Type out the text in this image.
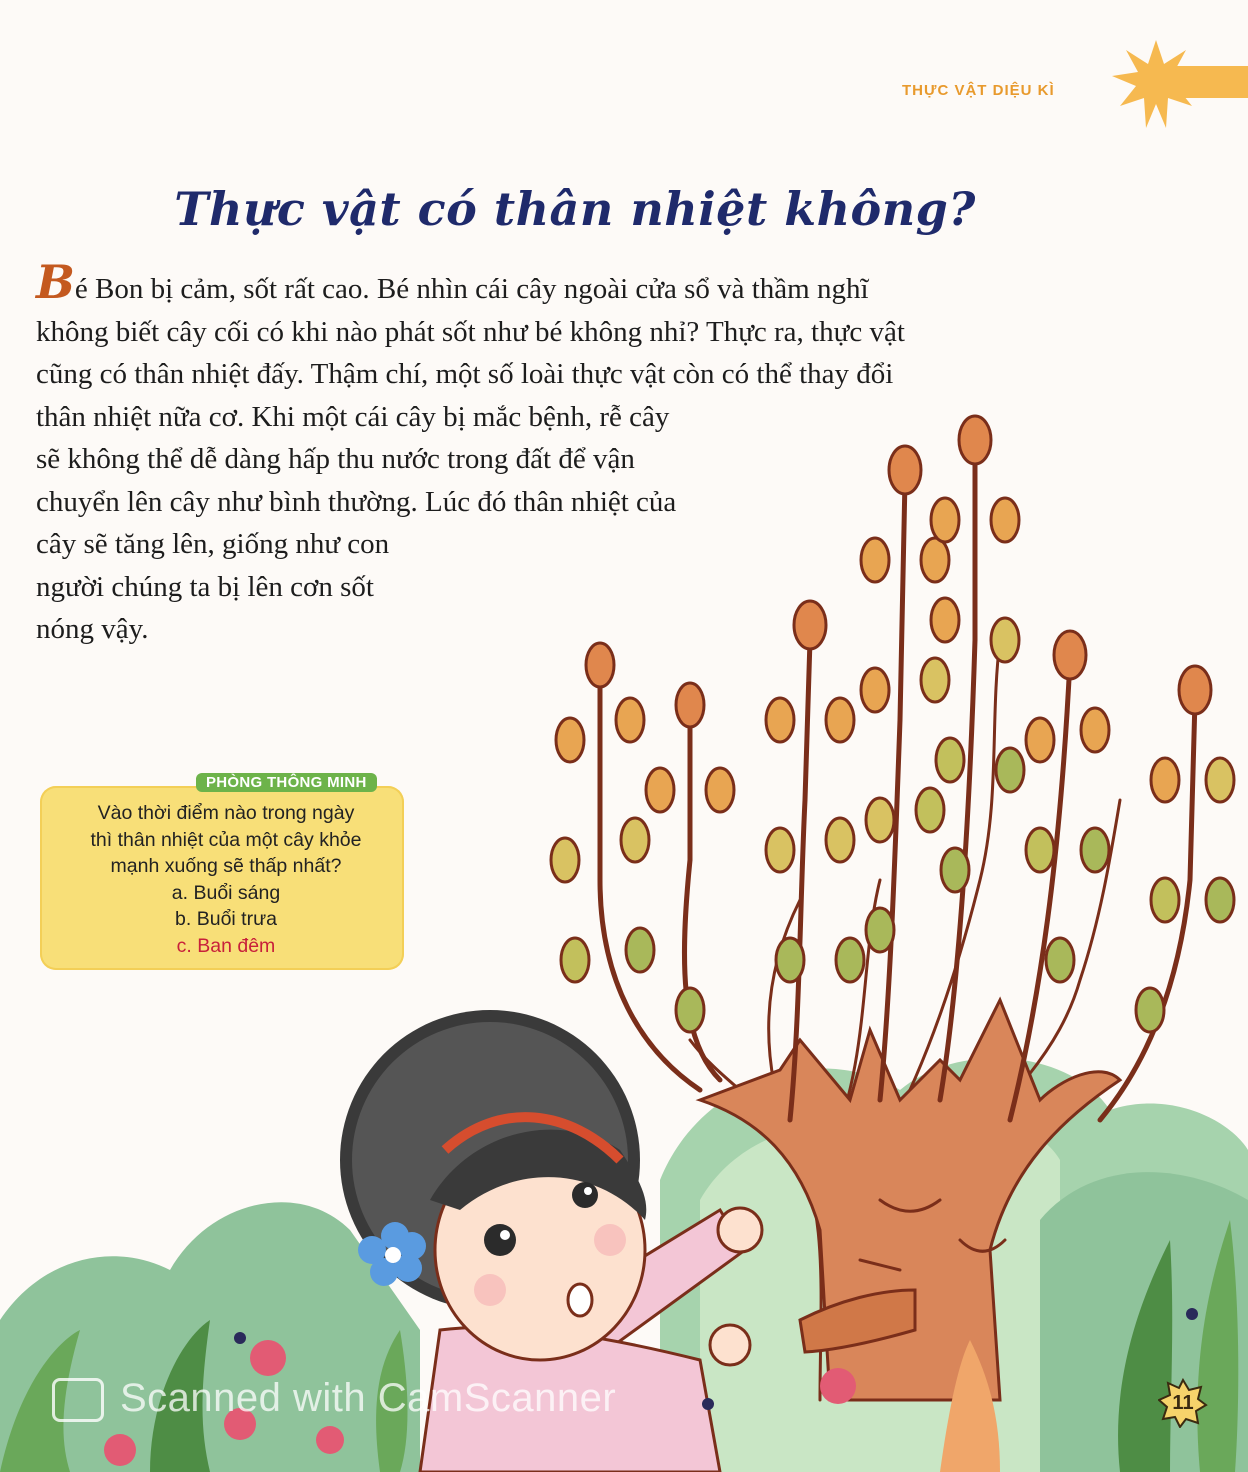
THỰC VẬT DIỆU KÌ
Thực vật có thân nhiệt không?
Bé Bon bị cảm, sốt rất cao. Bé nhìn cái cây ngoài cửa sổ và thầm nghĩ
không biết cây cối có khi nào phát sốt như bé không nhỉ? Thực ra, thực vật
cũng có thân nhiệt đấy. Thậm chí, một số loài thực vật còn có thể thay đổi
thân nhiệt nữa cơ. Khi một cái cây bị mắc bệnh, rễ cây
sẽ không thể dễ dàng hấp thu nước trong đất để vận
chuyển lên cây như bình thường. Lúc đó thân nhiệt của
cây sẽ tăng lên, giống như con
người chúng ta bị lên cơn sốt
nóng vậy.
PHÒNG THÔNG MINH
Vào thời điểm nào trong ngày
thì thân nhiệt của một cây khỏe
mạnh xuống sẽ thấp nhất?
a. Buổi sáng
b. Buổi trưa
c. Ban đêm
Scanned with CamScanner	11
